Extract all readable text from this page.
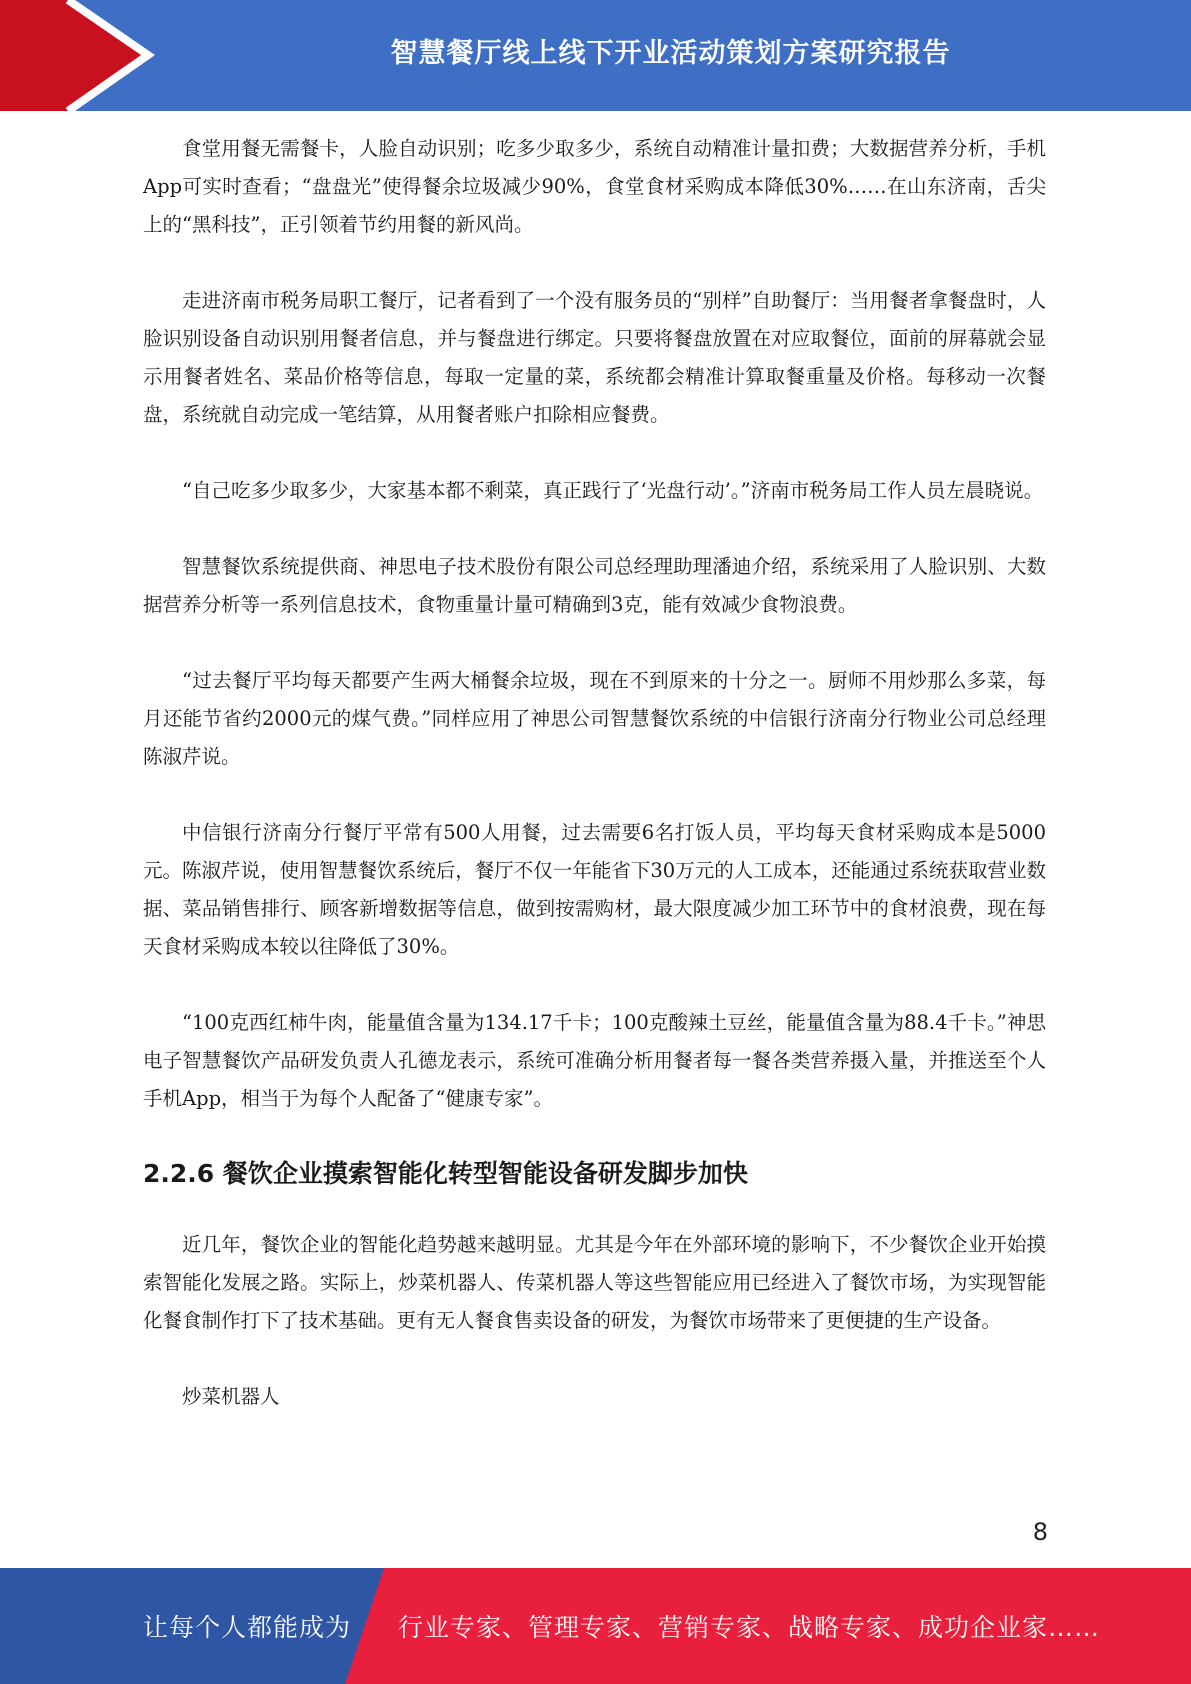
智慧餐厅线上线下开业活动策划方案研究报告

食堂用餐无需餐卡，人脸自动识别；吃多少取多少，系统自动精准计量扣费；大数据营养分析，手机App可实时查看；“盘盘光”使得餐余垃圾减少90%，食堂食材采购成本降低30%……在山东济南，舌尖上的“黑科技”，正引领着节约用餐的新风尚。

走进济南市税务局职工餐厅，记者看到了一个没有服务员的“别样”自助餐厅：当用餐者拿餐盘时，人脸识别设备自动识别用餐者信息，并与餐盘进行绑定。只要将餐盘放置在对应取餐位，面前的屏幕就会显示用餐者姓名、菜品价格等信息，每取一定量的菜，系统都会精准计算取餐重量及价格。每移动一次餐盘，系统就自动完成一笔结算，从用餐者账户扣除相应餐费。

“自己吃多少取多少，大家基本都不剩菜，真正践行了‘光盘行动’。”济南市税务局工作人员左晨晓说。

智慧餐饮系统提供商、神思电子技术股份有限公司总经理助理潘迪介绍，系统采用了人脸识别、大数据营养分析等一系列信息技术，食物重量计量可精确到3克，能有效减少食物浪费。

“过去餐厅平均每天都要产生两大桶餐余垃圾，现在不到原来的十分之一。厨师不用炒那么多菜，每月还能节省约2000元的煤气费。”同样应用了神思公司智慧餐饮系统的中信银行济南分行物业公司总经理陈淑芹说。

中信银行济南分行餐厅平常有500人用餐，过去需要6名打饭人员，平均每天食材采购成本是5000元。陈淑芹说，使用智慧餐饮系统后，餐厅不仅一年能省下30万元的人工成本，还能通过系统获取营业数据、菜品销售排行、顾客新增数据等信息，做到按需购材，最大限度减少加工环节中的食材浪费，现在每天食材采购成本较以往降低了30%。

“100克西红柿牛肉，能量值含量为134.17千卡；100克酸辣土豆丝，能量值含量为88.4千卡。”神思电子智慧餐饮产品研发负责人孔德龙表示，系统可准确分析用餐者每一餐各类营养摄入量，并推送至个人手机App，相当于为每个人配备了“健康专家”。

2.2.6 餐饮企业摸索智能化转型智能设备研发脚步加快

近几年，餐饮企业的智能化趋势越来越明显。尤其是今年在外部环境的影响下，不少餐饮企业开始摸索智能化发展之路。实际上，炒菜机器人、传菜机器人等这些智能应用已经进入了餐饮市场，为实现智能化餐食制作打下了技术基础。更有无人餐食售卖设备的研发，为餐饮市场带来了更便捷的生产设备。

炒菜机器人

8
让每个人都能成为 行业专家、管理专家、营销专家、战略专家、成功企业家……
